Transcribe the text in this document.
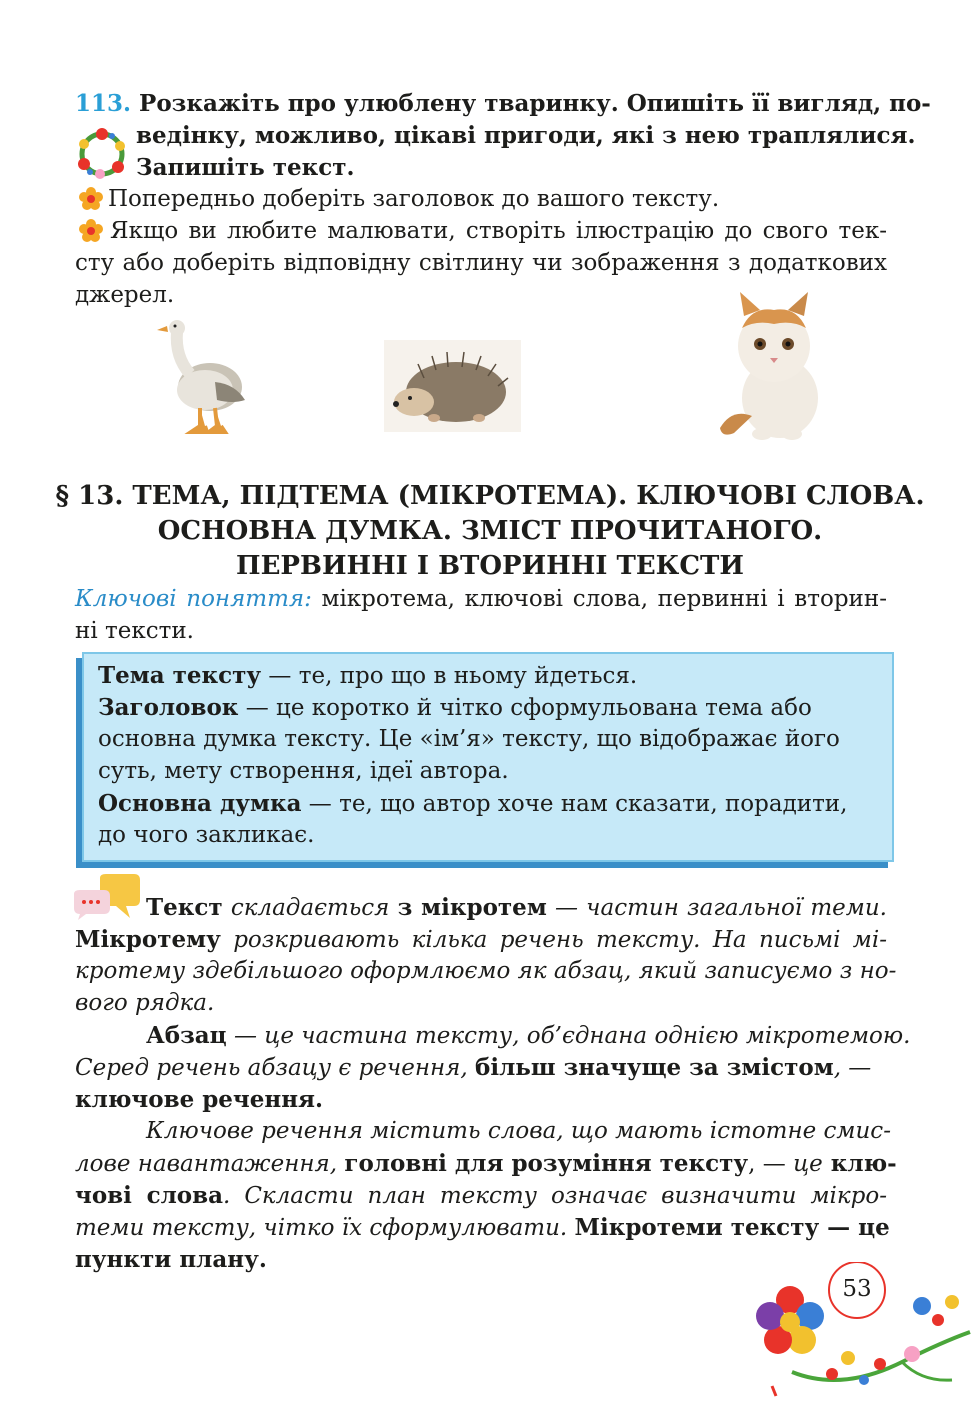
113. Розкажіть про улюблену тваринку. Опишіть її вигляд, по-
ведінку, можливо, цікаві пригоди, які з нею траплялися.
Запишіть текст.
Попередньо доберіть заголовок до вашого тексту.
Якщо ви любите малювати, створіть ілюстрацію до свого тек-
сту або доберіть відповідну світлину чи зображення з додаткових
джерел.
§ 13. ТЕМА, ПІДТЕМА (МІКРОТЕМА). КЛЮЧОВІ СЛОВА.
ОСНОВНА ДУМКА. ЗМІСТ ПРОЧИТАНОГО.
ПЕРВИННІ І ВТОРИННІ ТЕКСТИ
Ключові поняття: мікротема, ключові слова, первинні і вторин-
ні тексти.
Тема тексту — те, про що в ньому йдеться.
Заголовок — це коротко й чітко сформульована тема або
основна думка тексту. Це «ім’я» тексту, що відображає його
суть, мету створення, ідеї автора.
Основна думка — те, що автор хоче нам сказати, порадити,
до чого закликає.
Текст складається з мікротем — частин загальної теми.
Мікротему розкривають кілька речень тексту. На письмі мі-
кротему здебільшого оформлюємо як абзац, який записуємо з но-
вого рядка.
Абзац — це частина тексту, об’єднана однією мікротемою.
Серед речень абзацу є речення, більш значуще за змістом, —
ключове речення.
Ключове речення містить слова, що мають істотне смис-
лове навантаження, головні для розуміння тексту, — це клю-
чові слова. Скласти план тексту означає визначити мікро-
теми тексту, чітко їх сформулювати. Мікротеми тексту — це
пункти плану.
53
